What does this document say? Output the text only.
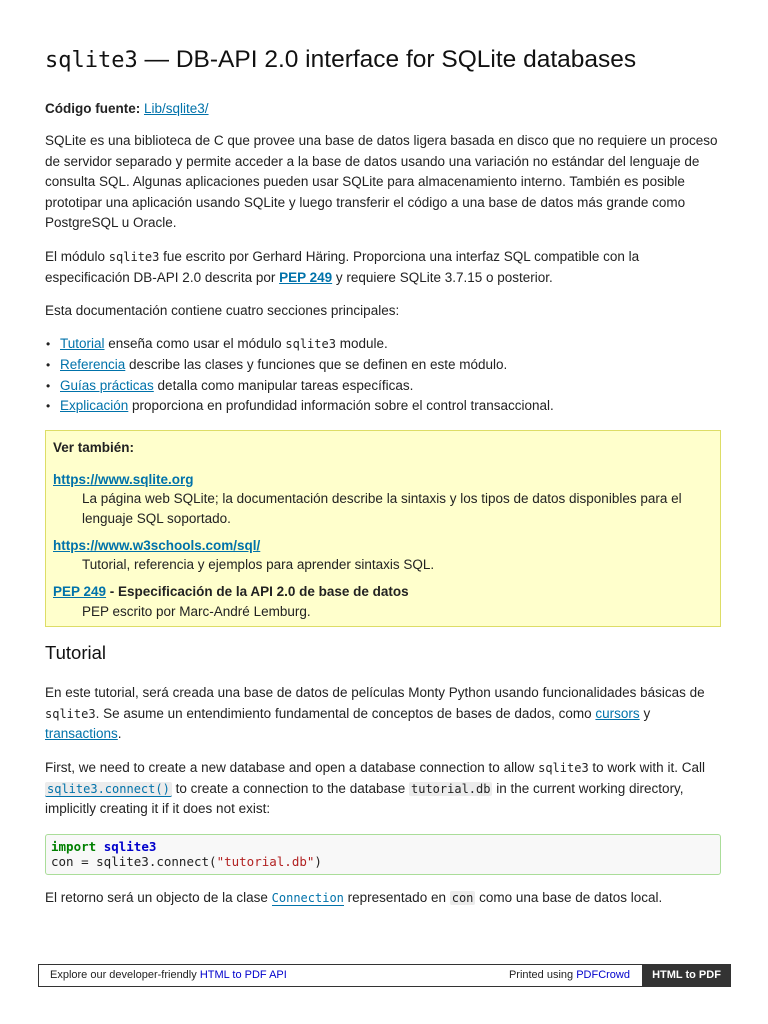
sqlite3 — DB-API 2.0 interface for SQLite databases

Código fuente: Lib/sqlite3/

SQLite es una biblioteca de C que provee una base de datos ligera basada en disco que no requiere un proceso de servidor separado y permite acceder a la base de datos usando una variación no estándar del lenguaje de consulta SQL. Algunas aplicaciones pueden usar SQLite para almacenamiento interno. También es posible prototipar una aplicación usando SQLite y luego transferir el código a una base de datos más grande como PostgreSQL u Oracle.

El módulo sqlite3 fue escrito por Gerhard Häring. Proporciona una interfaz SQL compatible con la especificación DB-API 2.0 descrita por PEP 249 y requiere SQLite 3.7.15 o posterior.

Esta documentación contiene cuatro secciones principales:

• Tutorial enseña como usar el módulo sqlite3 module.
• Referencia describe las clases y funciones que se definen en este módulo.
• Guías prácticas detalla como manipular tareas específicas.
• Explicación proporciona en profundidad información sobre el control transaccional.

Ver también:

https://www.sqlite.org

La página web SQLite; la documentación describe la sintaxis y los tipos de datos disponibles para el lenguaje SQL soportado.

https://www.w3schools.com/sql/

Tutorial, referencia y ejemplos para aprender sintaxis SQL.

PEP 249 - Especificación de la API 2.0 de base de datos

PEP escrito por Marc-André Lemburg.

Tutorial

En este tutorial, será creada una base de datos de películas Monty Python usando funcionalidades básicas de sqlite3. Se asume un entendimiento fundamental de conceptos de bases de dados, como cursors y transactions.

First, we need to create a new database and open a database connection to allow sqlite3 to work with it. Call sqlite3.connect() to create a connection to the database tutorial.db in the current working directory, implicitly creating it if it does not exist:

import sqlite3
con = sqlite3.connect("tutorial.db")

El retorno será un objecto de la clase Connection representado en con como una base de datos local.

Explore our developer-friendly HTML to PDF API	Printed using PDFCrowd	HTML to PDF
